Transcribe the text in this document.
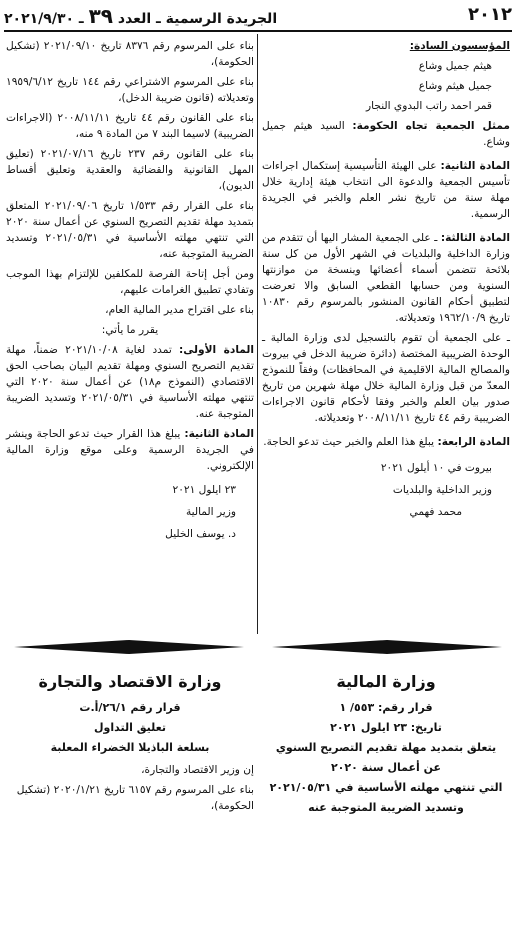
الجريدة الرسمية ـ العدد ٣٩ ـ ٢٠٢١/٩/٣٠	٢٠١٢

المؤسسون السادة:

هيثم جميل وشاع

جميل هيثم وشاع

قمر احمد راتب البدوي النجار

ممثل الجمعية تجاه الحكومة: السيد هيثم جميل وشاع.

المادة الثانية: على الهيئة التأسيسية إستكمال اجراءات تأسيس الجمعية والدعوة الى انتخاب هيئة إدارية خلال مهلة سنة من تاريخ نشر العلم والخبر في الجريدة الرسمية.

المادة الثالثة: ـ على الجمعية المشار اليها أن تتقدم من وزارة الداخلية والبلديات في الشهر الأول من كل سنة بلائحة تتضمن أسماء أعضائها وبنسخة من موازنتها السنوية ومن حسابها القطعي السابق والا تعرضت لتطبيق أحكام القانون المنشور بالمرسوم رقم ١٠٨٣٠ تاريخ ١٩٦٢/١٠/٩ وتعديلاته.

ـ على الجمعية أن تقوم بالتسجيل لدى وزارة المالية ـ الوحدة الضريبية المختصة (دائرة ضريبة الدخل في بيروت والمصالح المالية الاقليمية في المحافظات) وفقاً للنموذج المعدّ من قبل وزارة المالية خلال مهلة شهرين من تاريخ صدور بيان العلم والخبر وفقا لأحكام قانون الاجراءات الضريبية رقم ٤٤ تاريخ ٢٠٠٨/١١/١١ وتعديلاته.

المادة الرابعة: يبلغ هذا العلم والخبر حيث تدعو الحاجة.

بيروت في ١٠ أيلول ٢٠٢١

وزير الداخلية والبلديات

محمد فهمي

بناء على المرسوم رقم ٨٣٧٦ تاريخ ٢٠٢١/٠٩/١٠ (تشكيل الحكومة)،

بناء على المرسوم الاشتراعي رقم ١٤٤ تاريخ ١٩٥٩/٦/١٢ وتعديلاته (قانون ضريبة الدخل)،

بناء على القانون رقم ٤٤ تاريخ ٢٠٠٨/١١/١١ (الاجراءات الضريبية) لاسيما البند ٧ من المادة ٩ منه،

بناء على القانون رقم ٢٣٧ تاريخ ٢٠٢١/٠٧/١٦ (تعليق المهل القانونية والقضائية والعقدية وتعليق أقساط الديون)،

بناء على القرار رقم ١/٥٣٣ تاريخ ٢٠٢١/٠٩/٠٦ المتعلق بتمديد مهلة تقديم التصريح السنوي عن أعمال سنة ٢٠٢٠ التي تنتهي مهلته الأساسية في ٢٠٢١/٠٥/٣١ وتسديد الضريبة المتوجبة عنه،

ومن أجل إتاحة الفرصة للمكلفين للإلتزام بهذا الموجب وتفادي تطبيق الغرامات عليهم،

بناء على اقتراح مدير المالية العام،

يقرر ما يأتي:

المادة الأولى: تمدد لغاية ٢٠٢١/١٠/٠٨ ضمناً، مهلة تقديم التصريح السنوي ومهلة تقديم البيان بصاحب الحق الاقتصادي (النموذج م١٨) عن أعمال سنة ٢٠٢٠ التي تنتهي مهلته الأساسية في ٢٠٢١/٠٥/٣١ وتسديد الضريبة المتوجبة عنه.

المادة الثانية: يبلغ هذا القرار حيث تدعو الحاجة وينشر في الجريدة الرسمية وعلى موقع وزارة المالية الإلكتروني.

٢٣ ايلول ٢٠٢١

وزير المالية

د. يوسف الخليل

وزارة المالية

قرار رقم: ٥٥٣/ ١

تاريخ: ٢٣ ايلول ٢٠٢١

يتعلق بتمديد مهلة تقديم التصريح السنوي

عن أعمال سنة ٢٠٢٠

التي تنتهي مهلته الأساسية في ٢٠٢١/٠٥/٣١

وتسديد الضريبة المتوجبة عنه

وزارة الاقتصاد والتجارة

قرار رقم ٢٦/١/أ.ت

تعليق التداول

بسلعة الباذيلا الخضراء المعلبة

إن وزير الاقتصاد والتجارة،

بناء على المرسوم رقم ٦١٥٧ تاريخ ٢٠٢٠/١/٢١ (تشكيل الحكومة)،
